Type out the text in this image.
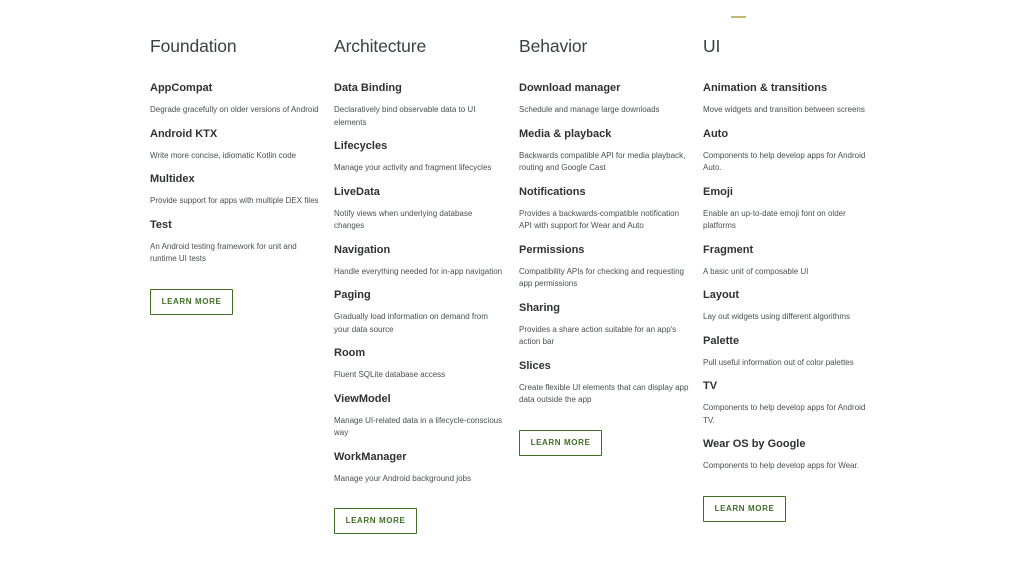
Foundation
AppCompat

Degrade gracefully on older versions of Android

Android KTX

Write more concise, idiomatic Kotlin code

Multidex

Provide support for apps with multiple DEX files

Test

An Android testing framework for unit and runtime UI tests

LEARN MORE
Architecture
Data Binding

Declaratively bind observable data to UI elements

Lifecycles

Manage your activity and fragment lifecycles

LiveData

Notify views when underlying database changes

Navigation

Handle everything needed for in-app navigation

Paging

Gradually load information on demand from your data source

Room

Fluent SQLite database access

ViewModel

Manage UI-related data in a lifecycle-conscious way

WorkManager

Manage your Android background jobs

LEARN MORE
Behavior
Download manager

Schedule and manage large downloads

Media & playback

Backwards compatible API for media playback, routing and Google Cast

Notifications

Provides a backwards-compatible notification API with support for Wear and Auto

Permissions

Compatibility APIs for checking and requesting app permissions

Sharing

Provides a share action suitable for an app's action bar

Slices

Create flexible UI elements that can display app data outside the app

LEARN MORE
UI
Animation & transitions

Move widgets and transition between screens

Auto

Components to help develop apps for Android Auto.

Emoji

Enable an up-to-date emoji font on older platforms

Fragment

A basic unit of composable UI

Layout

Lay out widgets using different algorithms

Palette

Pull useful information out of color palettes

TV

Components to help develop apps for Android TV.

Wear OS by Google

Components to help develop apps for Wear.

LEARN MORE
